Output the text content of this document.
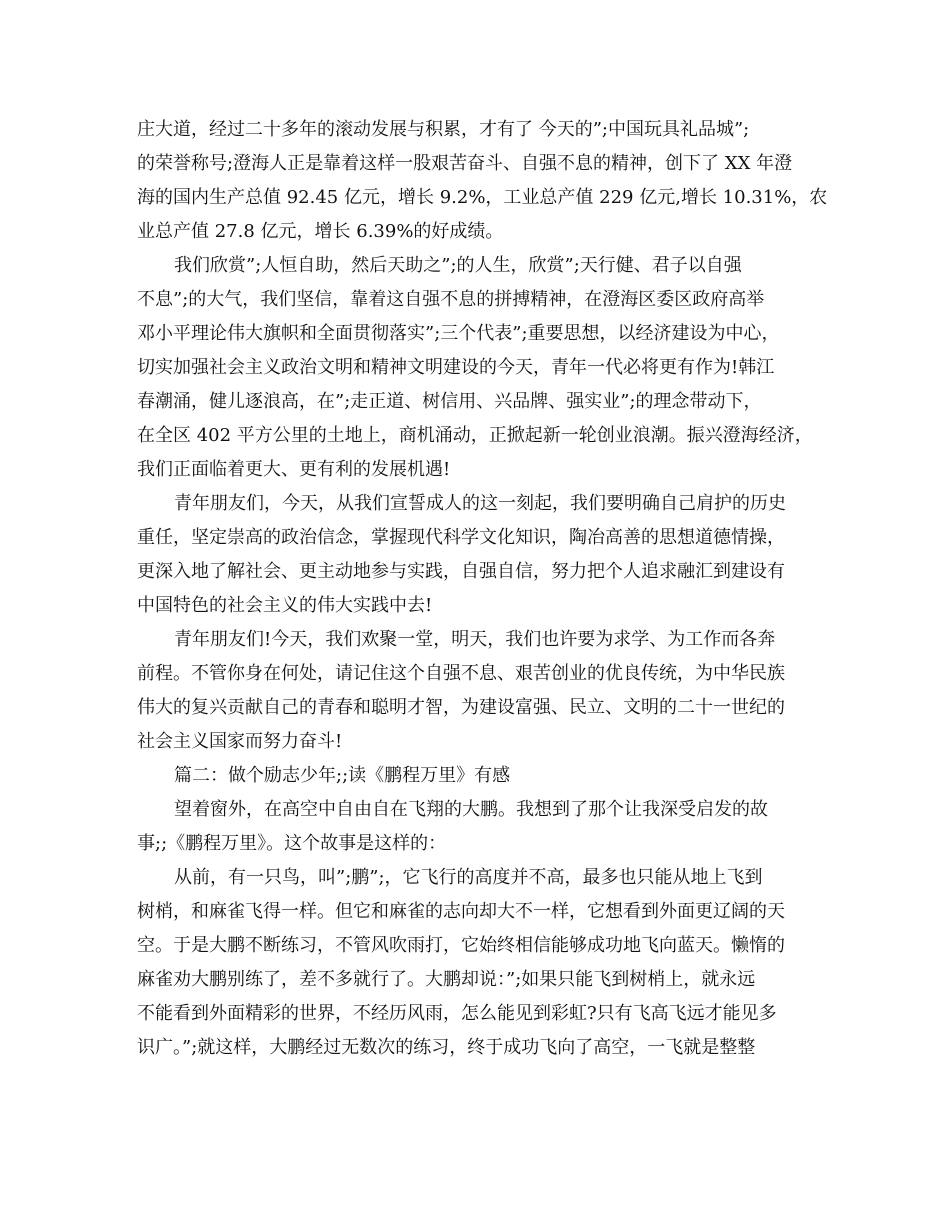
庄大道，经过二十多年的滚动发展与积累，才有了 今天的”;中国玩具礼品城”;
的荣誉称号;澄海人正是靠着这样一股艰苦奋斗、自强不息的精神，创下了 XX 年澄
海的国内生产总值 92.45 亿元，增长 9.2%，工业总产值 229 亿元,增长 10.31%，农
业总产值 27.8 亿元，增长 6.39%的好成绩。
我们欣赏”;人恒自助，然后天助之”;的人生，欣赏”;天行健、君子以自强
不息”;的大气，我们坚信，靠着这自强不息的拼搏精神，在澄海区委区政府高举
邓小平理论伟大旗帜和全面贯彻落实”;三个代表”;重要思想，以经济建设为中心，
切实加强社会主义政治文明和精神文明建设的今天，青年一代必将更有作为!韩江
春潮涌，健儿逐浪高，在”;走正道、树信用、兴品牌、强实业”;的理念带动下，
在全区 402 平方公里的土地上，商机涌动，正掀起新一轮创业浪潮。振兴澄海经济，
我们正面临着更大、更有利的发展机遇!
青年朋友们，今天，从我们宣誓成人的这一刻起，我们要明确自己肩护的历史
重任，坚定崇高的政治信念，掌握现代科学文化知识，陶冶高善的思想道德情操，
更深入地了解社会、更主动地参与实践，自强自信，努力把个人追求融汇到建设有
中国特色的社会主义的伟大实践中去!
青年朋友们!今天，我们欢聚一堂，明天，我们也许要为求学、为工作而各奔
前程。不管你身在何处，请记住这个自强不息、艰苦创业的优良传统，为中华民族
伟大的复兴贡献自己的青春和聪明才智，为建设富强、民立、文明的二十一世纪的
社会主义国家而努力奋斗!
篇二：做个励志少年;;读《鹏程万里》有感
望着窗外，在高空中自由自在飞翔的大鹏。我想到了那个让我深受启发的故
事;;《鹏程万里》。这个故事是这样的：
从前，有一只鸟，叫”;鹏”;，它飞行的高度并不高，最多也只能从地上飞到
树梢，和麻雀飞得一样。但它和麻雀的志向却大不一样，它想看到外面更辽阔的天
空。于是大鹏不断练习，不管风吹雨打，它始终相信能够成功地飞向蓝天。懒惰的
麻雀劝大鹏别练了，差不多就行了。大鹏却说：”;如果只能飞到树梢上，就永远
不能看到外面精彩的世界，不经历风雨，怎么能见到彩虹?只有飞高飞远才能见多
识广。”;就这样，大鹏经过无数次的练习，终于成功飞向了高空，一飞就是整整
